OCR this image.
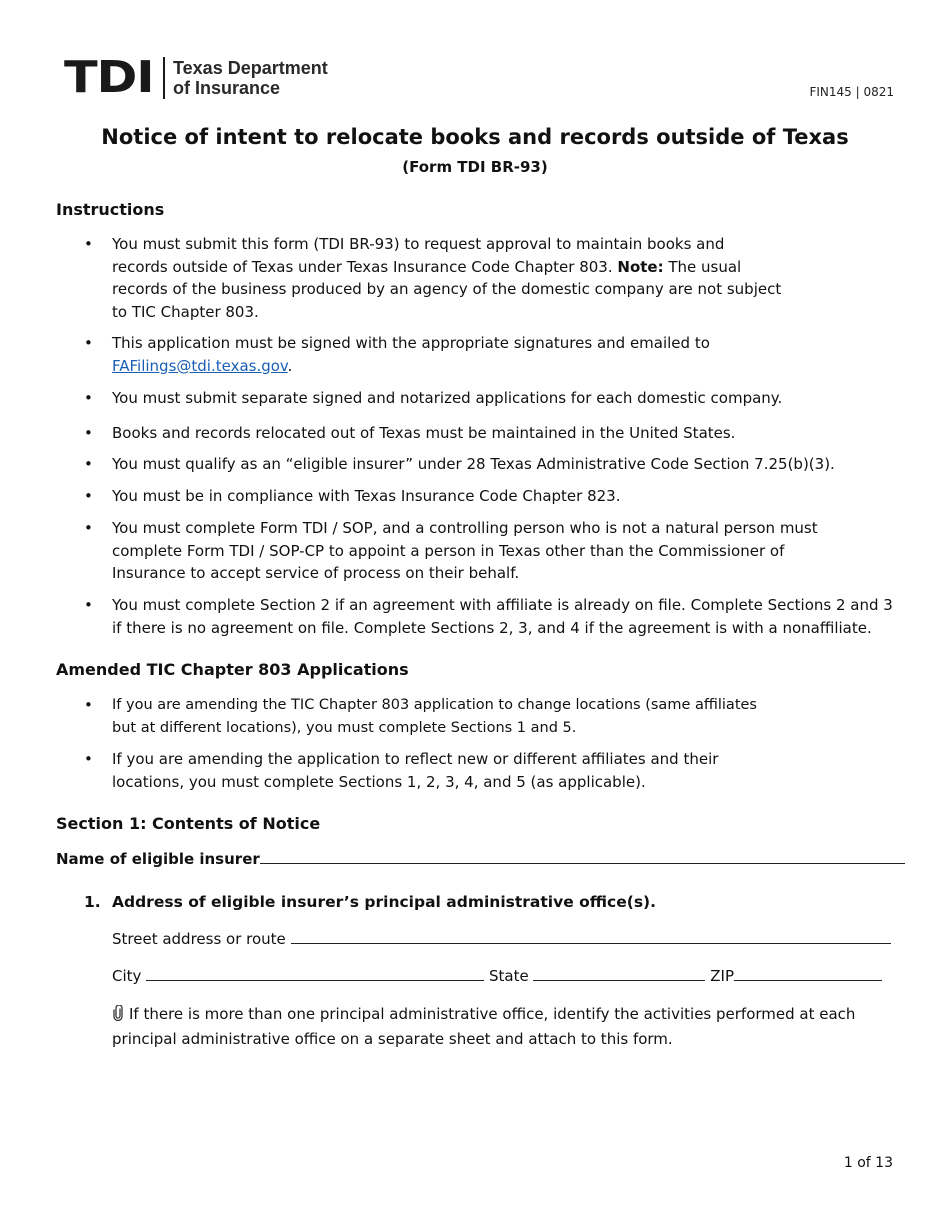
TDI	Texas Department
of Insurance	FIN145 | 0821
Notice of intent to relocate books and records outside of Texas
(Form TDI BR-93)
Instructions
• You must submit this form (TDI BR-93) to request approval to maintain books and records outside of Texas under Texas Insurance Code Chapter 803. Note: The usual records of the business produced by an agency of the domestic company are not subject to TIC Chapter 803.
• This application must be signed with the appropriate signatures and emailed to FAFilings@tdi.texas.gov.
• You must submit separate signed and notarized applications for each domestic company.
• Books and records relocated out of Texas must be maintained in the United States.
• You must qualify as an “eligible insurer” under 28 Texas Administrative Code Section 7.25(b)(3).
• You must be in compliance with Texas Insurance Code Chapter 823.
• You must complete Form TDI / SOP, and a controlling person who is not a natural person must complete Form TDI / SOP-CP to appoint a person in Texas other than the Commissioner of Insurance to accept service of process on their behalf.
• You must complete Section 2 if an agreement with affiliate is already on file. Complete Sections 2 and 3 if there is no agreement on file. Complete Sections 2, 3, and 4 if the agreement is with a nonaffiliate.
Amended TIC Chapter 803 Applications
• If you are amending the TIC Chapter 803 application to change locations (same affiliates but at different locations), you must complete Sections 1 and 5.
• If you are amending the application to reflect new or different affiliates and their locations, you must complete Sections 1, 2, 3, 4, and 5 (as applicable).
Section 1: Contents of Notice
Name of eligible insurer
1. Address of eligible insurer’s principal administrative office(s).
Street address or route
City	State	ZIP
If there is more than one principal administrative office, identify the activities performed at each principal administrative office on a separate sheet and attach to this form.
1 of 13
